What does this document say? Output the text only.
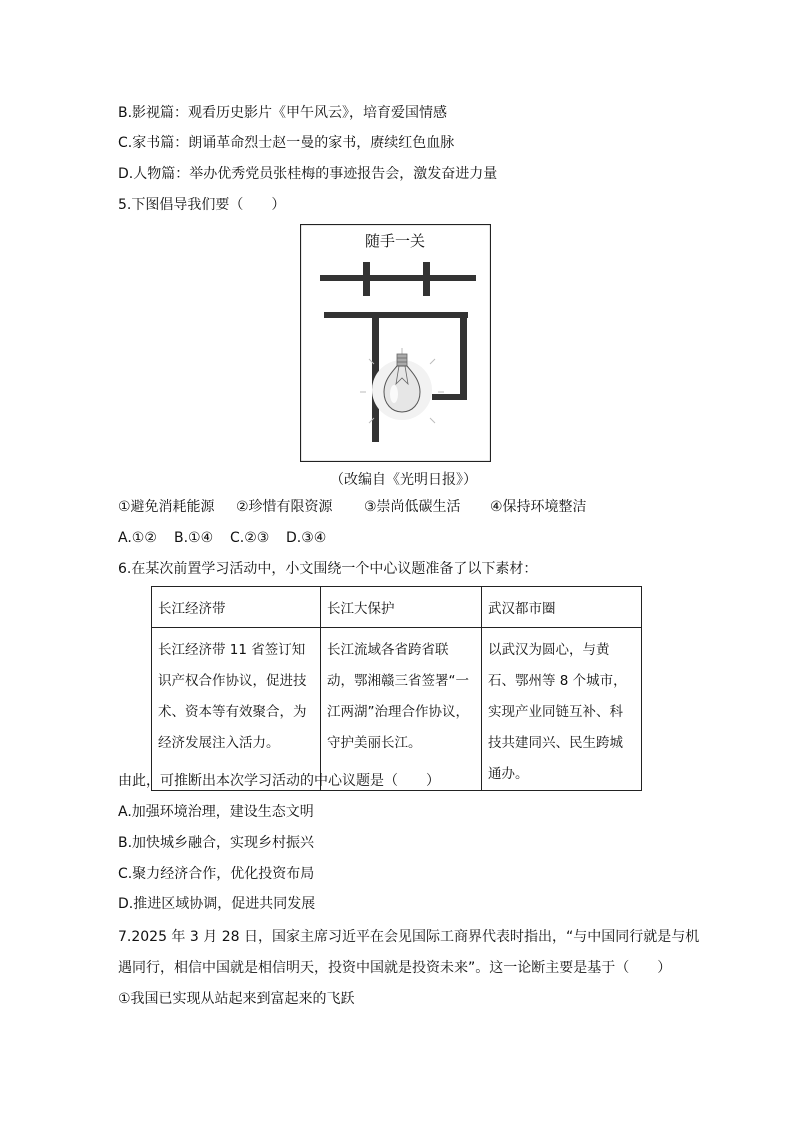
B.影视篇：观看历史影片《甲午风云》，培育爱国情感
C.家书篇：朗诵革命烈士赵一曼的家书，赓续红色血脉
D.人物篇：举办优秀党员张桂梅的事迹报告会，激发奋进力量
5.下图倡导我们要（　　）
随手一关
（改编自《光明日报》）
①避免消耗能源 ②珍惜有限资源 ③崇尚低碳生活 ④保持环境整洁
A.①② B.①④ C.②③ D.③④
6.在某次前置学习活动中，小文围绕一个中心议题准备了以下素材：
长江经济带	长江大保护	武汉都市圈
长江经济带 11 省签订知识产权合作协议，促进技术、资本等有效聚合，为经济发展注入活力。	长江流域各省跨省联动，鄂湘赣三省签署“一江两湖”治理合作协议，守护美丽长江。	以武汉为圆心，与黄石、鄂州等 8 个城市，实现产业同链互补、科技共建同兴、民生跨城通办。
由此，可推断出本次学习活动的中心议题是（　　）
A.加强环境治理，建设生态文明
B.加快城乡融合，实现乡村振兴
C.聚力经济合作，优化投资布局
D.推进区域协调，促进共同发展
7.2025 年 3 月 28 日，国家主席习近平在会见国际工商界代表时指出，“与中国同行就是与机
遇同行，相信中国就是相信明天，投资中国就是投资未来”。这一论断主要是基于（　　）
①我国已实现从站起来到富起来的飞跃
